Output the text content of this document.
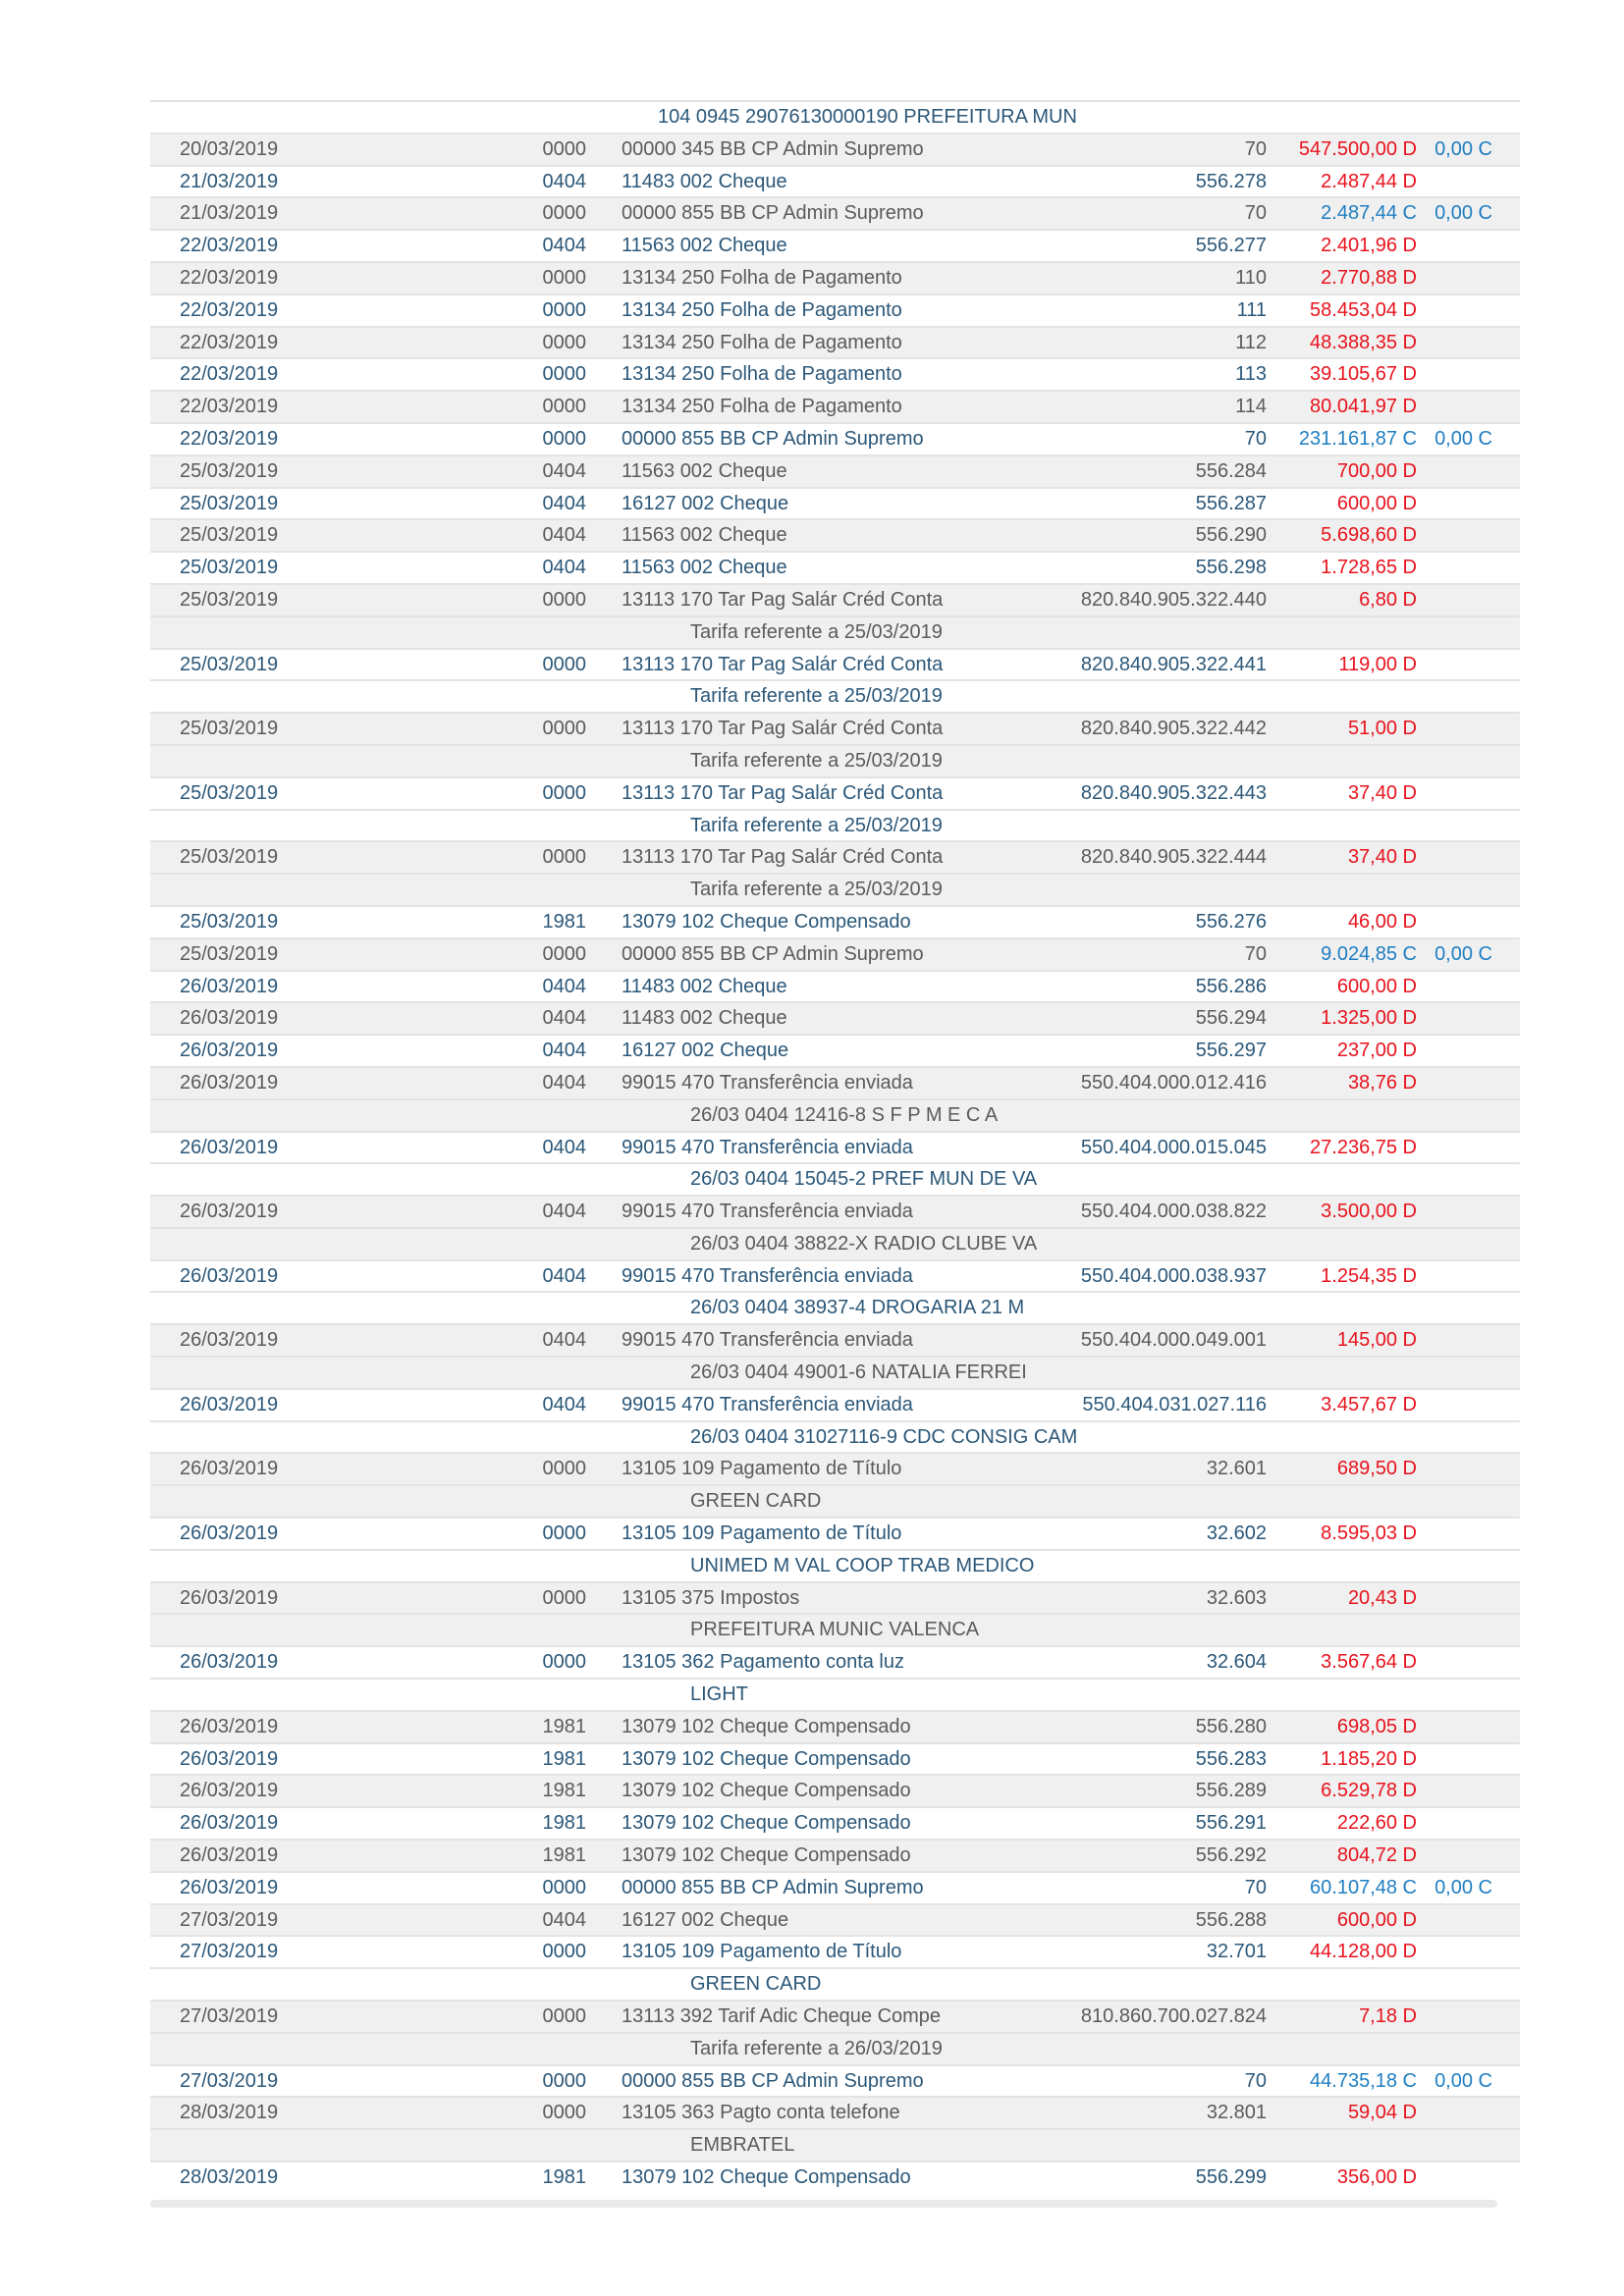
104 0945 29076130000190 PREFEITURA MUN
20/03/2019	0000 00000 345 BB CP Admin Supremo	70	547.500,00 D 0,00 C
21/03/2019	0404 11483 002 Cheque	556.278	2.487,44 D
21/03/2019	0000 00000 855 BB CP Admin Supremo	70	2.487,44 C 0,00 C
22/03/2019	0404 11563 002 Cheque	556.277	2.401,96 D
22/03/2019	0000 13134 250 Folha de Pagamento	110	2.770,88 D
22/03/2019	0000 13134 250 Folha de Pagamento	111	58.453,04 D
22/03/2019	0000 13134 250 Folha de Pagamento	112	48.388,35 D
22/03/2019	0000 13134 250 Folha de Pagamento	113	39.105,67 D
22/03/2019	0000 13134 250 Folha de Pagamento	114	80.041,97 D
22/03/2019	0000 00000 855 BB CP Admin Supremo	70	231.161,87 C 0,00 C
25/03/2019	0404 11563 002 Cheque	556.284	700,00 D
25/03/2019	0404 16127 002 Cheque	556.287	600,00 D
25/03/2019	0404 11563 002 Cheque	556.290	5.698,60 D
25/03/2019	0404 11563 002 Cheque	556.298	1.728,65 D
25/03/2019	0000 13113 170 Tar Pag Salár Créd Conta	820.840.905.322.440	6,80 D
Tarifa referente a 25/03/2019
25/03/2019	0000 13113 170 Tar Pag Salár Créd Conta	820.840.905.322.441	119,00 D
Tarifa referente a 25/03/2019
25/03/2019	0000 13113 170 Tar Pag Salár Créd Conta	820.840.905.322.442	51,00 D
Tarifa referente a 25/03/2019
25/03/2019	0000 13113 170 Tar Pag Salár Créd Conta	820.840.905.322.443	37,40 D
Tarifa referente a 25/03/2019
25/03/2019	0000 13113 170 Tar Pag Salár Créd Conta	820.840.905.322.444	37,40 D
Tarifa referente a 25/03/2019
25/03/2019	1981 13079 102 Cheque Compensado	556.276	46,00 D
25/03/2019	0000 00000 855 BB CP Admin Supremo	70	9.024,85 C 0,00 C
26/03/2019	0404 11483 002 Cheque	556.286	600,00 D
26/03/2019	0404 11483 002 Cheque	556.294	1.325,00 D
26/03/2019	0404 16127 002 Cheque	556.297	237,00 D
26/03/2019	0404 99015 470 Transferência enviada	550.404.000.012.416	38,76 D
26/03 0404 12416-8 S F P M E C A
26/03/2019	0404 99015 470 Transferência enviada	550.404.000.015.045	27.236,75 D
26/03 0404 15045-2 PREF MUN DE VA
26/03/2019	0404 99015 470 Transferência enviada	550.404.000.038.822	3.500,00 D
26/03 0404 38822-X RADIO CLUBE VA
26/03/2019	0404 99015 470 Transferência enviada	550.404.000.038.937	1.254,35 D
26/03 0404 38937-4 DROGARIA 21 M
26/03/2019	0404 99015 470 Transferência enviada	550.404.000.049.001	145,00 D
26/03 0404 49001-6 NATALIA FERREI
26/03/2019	0404 99015 470 Transferência enviada	550.404.031.027.116	3.457,67 D
26/03 0404 31027116-9 CDC CONSIG CAM
26/03/2019	0000 13105 109 Pagamento de Título	32.601	689,50 D
GREEN CARD
26/03/2019	0000 13105 109 Pagamento de Título	32.602	8.595,03 D
UNIMED M VAL COOP TRAB MEDICO
26/03/2019	0000 13105 375 Impostos	32.603	20,43 D
PREFEITURA MUNIC VALENCA
26/03/2019	0000 13105 362 Pagamento conta luz	32.604	3.567,64 D
LIGHT
26/03/2019	1981 13079 102 Cheque Compensado	556.280	698,05 D
26/03/2019	1981 13079 102 Cheque Compensado	556.283	1.185,20 D
26/03/2019	1981 13079 102 Cheque Compensado	556.289	6.529,78 D
26/03/2019	1981 13079 102 Cheque Compensado	556.291	222,60 D
26/03/2019	1981 13079 102 Cheque Compensado	556.292	804,72 D
26/03/2019	0000 00000 855 BB CP Admin Supremo	70	60.107,48 C 0,00 C
27/03/2019	0404 16127 002 Cheque	556.288	600,00 D
27/03/2019	0000 13105 109 Pagamento de Título	32.701	44.128,00 D
GREEN CARD
27/03/2019	0000 13113 392 Tarif Adic Cheque Compe	810.860.700.027.824	7,18 D
Tarifa referente a 26/03/2019
27/03/2019	0000 00000 855 BB CP Admin Supremo	70	44.735,18 C 0,00 C
28/03/2019	0000 13105 363 Pagto conta telefone	32.801	59,04 D
EMBRATEL
28/03/2019	1981 13079 102 Cheque Compensado	556.299	356,00 D
